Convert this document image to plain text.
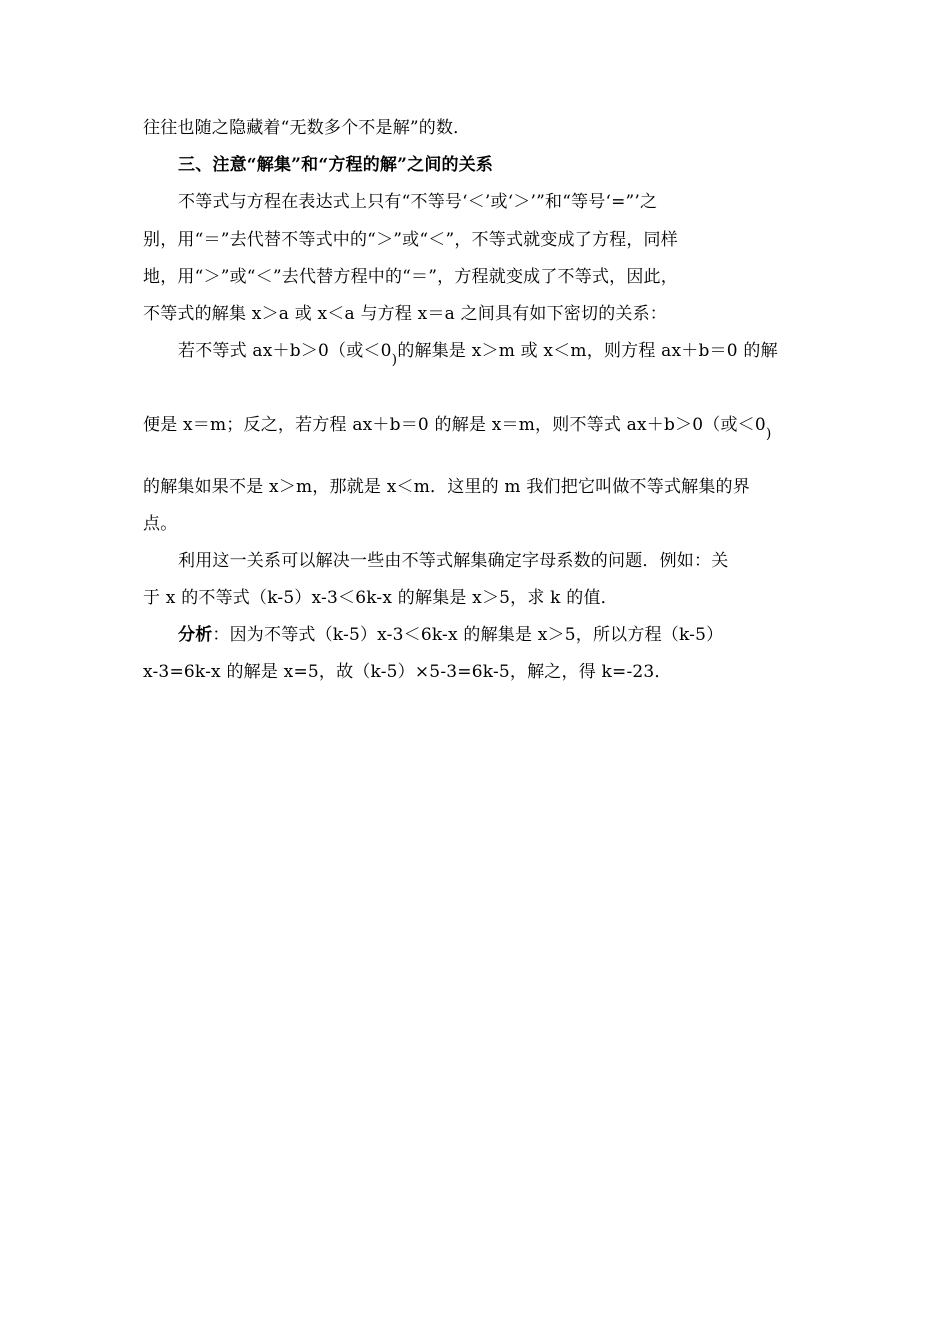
往往也随之隐藏着“无数多个不是解”的数．
三、注意“解集”和“方程的解”之间的关系
不等式与方程在表达式上只有“不等号‘＜’或‘＞’”和“等号‘=”’之
别，用“＝”去代替不等式中的“＞”或“＜”，不等式就变成了方程，同样
地，用“＞”或“＜”去代替方程中的“＝”，方程就变成了不等式，因此，
不等式的解集 x＞a 或 x＜a 与方程 x＝a 之间具有如下密切的关系：
若不等式 ax＋b＞0（或$<0_)$的解集是 x＞m 或 x＜m，则方程 ax＋b＝0 的解
便是 x＝m；反之，若方程 ax＋b＝0 的解是 x＝m，则不等式 ax＋b＞0（或$<0_)$
的解集如果不是 x＞m，那就是 x＜m．这里的 m 我们把它叫做不等式解集的界
点。
利用这一关系可以解决一些由不等式解集确定字母系数的问题．例如：关
于 x 的不等式（k-5）x-3＜6k-x 的解集是 x＞5，求 k 的值．
分析：因为不等式（k-5）x-3＜6k-x 的解集是 x＞5，所以方程（k-5）
x-3=6k-x 的解是 x=5，故（k-5）×5-3=6k-5，解之，得 k=-23．
